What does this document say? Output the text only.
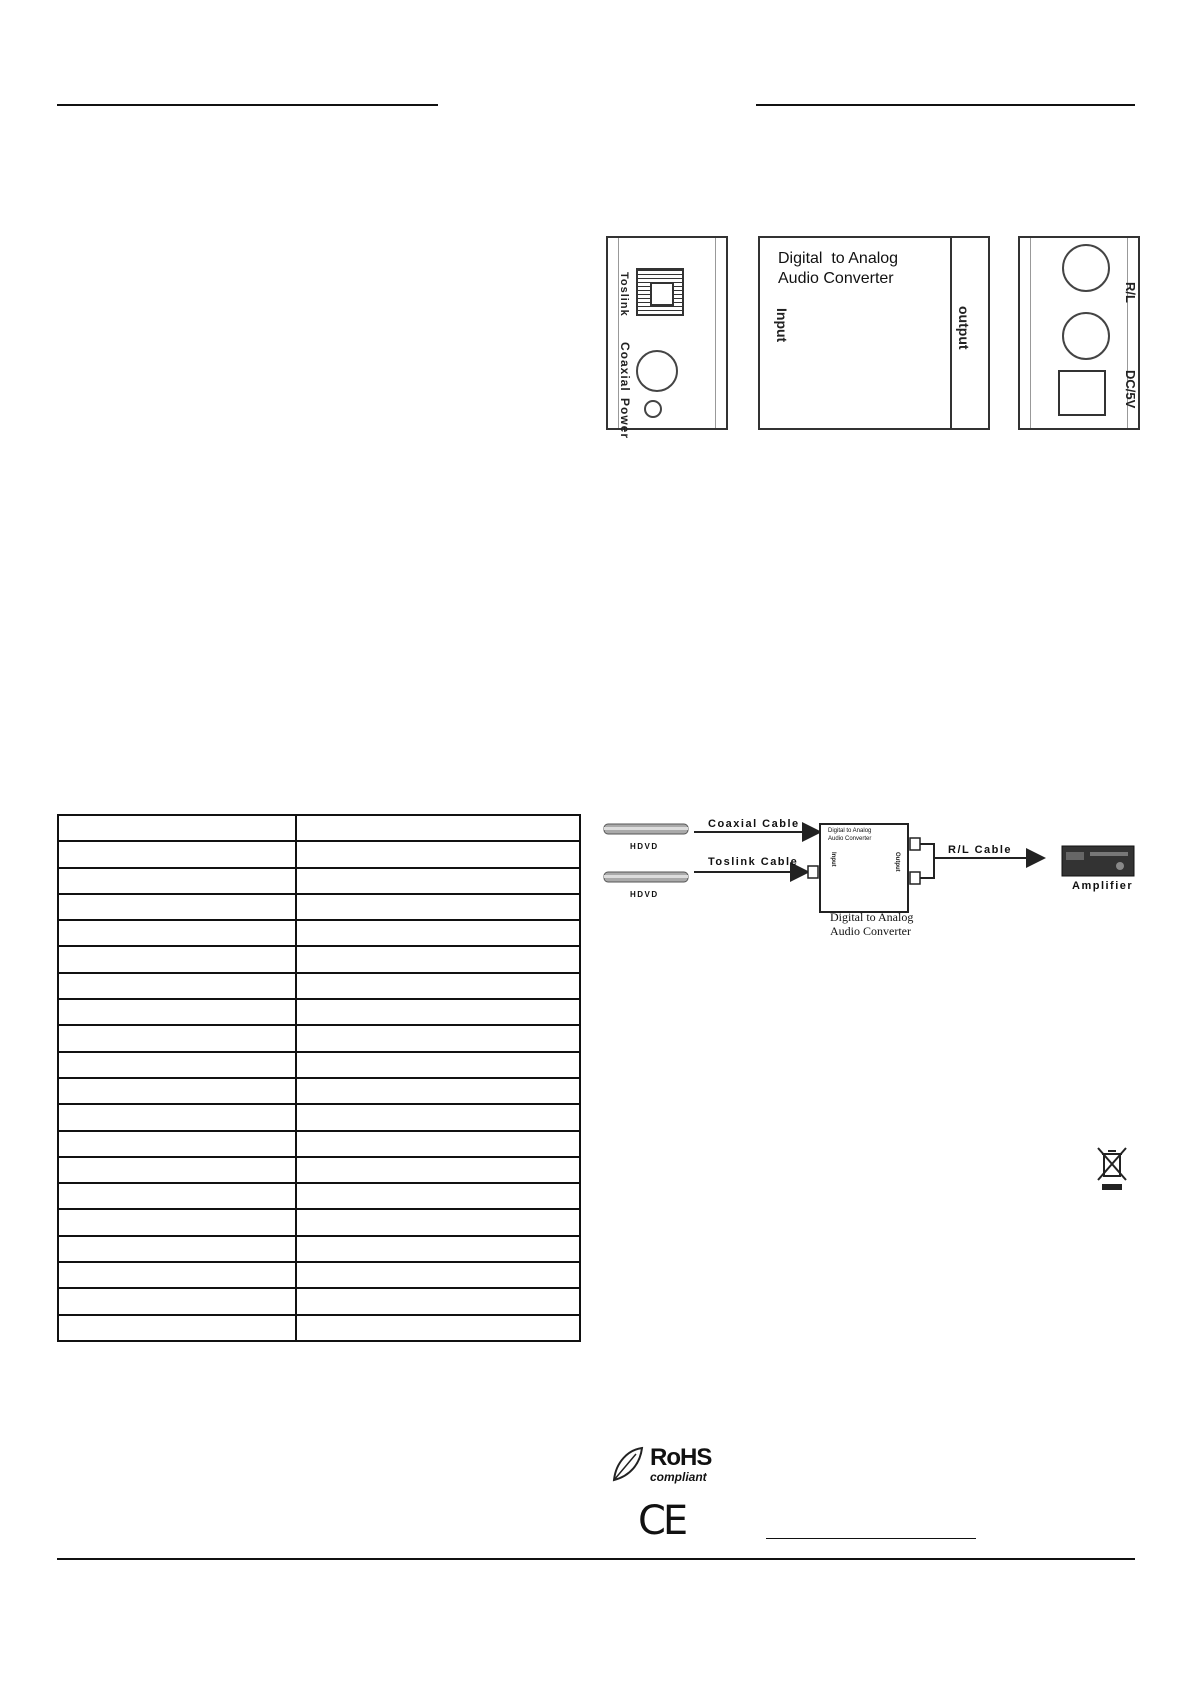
Toslink
Coaxial
Power
Digital  to Analog
Audio Converter
Input	output
R/L
DC/5V
HDVD
HDVD
Coaxial Cable
Toslink Cable
Digital to Analog
Audio Converter
Input	Output
R/L Cable
Amplifier
Digital to Analog
Audio Converter

RoHS
compliant
CE
